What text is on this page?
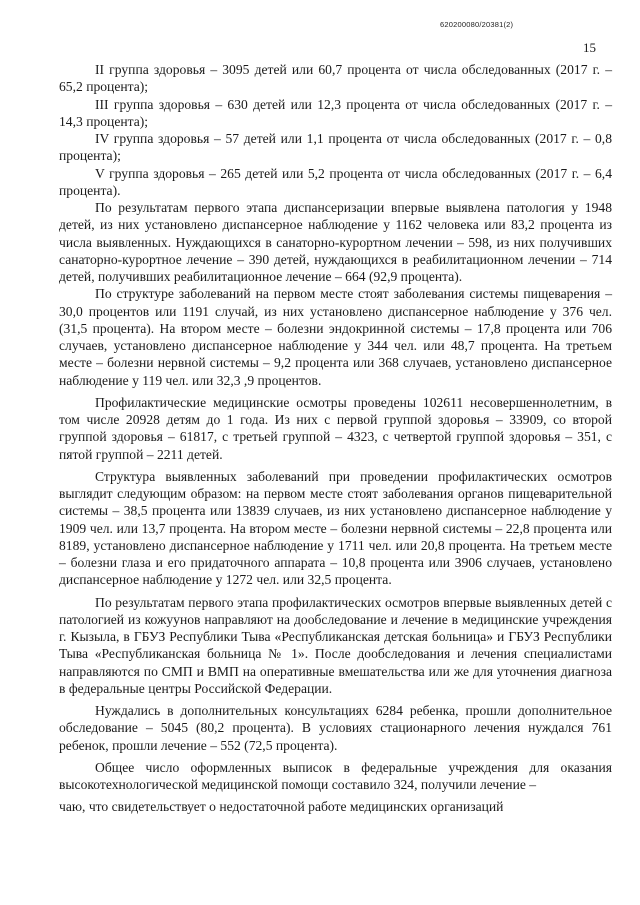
620200080/20381(2)
15

II группа здоровья – 3095 детей или 60,7 процента от числа обследованных (2017 г. – 65,2 процента);

III группа здоровья – 630 детей или 12,3 процента от числа обследованных (2017 г. – 14,3 процента);

IV группа здоровья – 57 детей или 1,1 процента от числа обследованных (2017 г. – 0,8 процента);

V группа здоровья – 265 детей или 5,2 процента от числа обследованных (2017 г. – 6,4 процента).

По результатам первого этапа диспансеризации впервые выявлена патология у 1948 детей, из них установлено диспансерное наблюдение у 1162 человека или 83,2 процента из числа выявленных. Нуждающихся в санаторно-курортном лечении – 598, из них получивших санаторно-курортное лечение – 390 детей, нуждающихся в реабилитационном лечении – 714 детей, получивших реабилитационное лечение – 664 (92,9 процента).

По структуре заболеваний на первом месте стоят заболевания системы пищеварения – 30,0 процентов или 1191 случай, из них установлено диспансерное наблюдение у 376 чел. (31,5 процента). На втором месте – болезни эндокринной системы – 17,8 процента или 706 случаев, установлено диспансерное наблюдение у 344 чел. или 48,7 процента. На третьем месте – болезни нервной системы – 9,2 процента или 368 случаев, установлено диспансерное наблюдение у 119 чел. или 32,3 ,9 процентов.

Профилактические медицинские осмотры проведены 102611 несовершеннолетним, в том числе 20928 детям до 1 года. Из них с первой группой здоровья – 33909, со второй группой здоровья – 61817, с третьей группой – 4323, с четвертой группой здоровья – 351, с пятой группой – 2211 детей.

Структура выявленных заболеваний при проведении профилактических осмотров выглядит следующим образом: на первом месте стоят заболевания органов пищеварительной системы – 38,5 процента или 13839 случаев, из них установлено диспансерное наблюдение у 1909 чел. или 13,7 процента. На втором месте – болезни нервной системы – 22,8 процента или 8189, установлено диспансерное наблюдение у 1711 чел. или 20,8 процента. На третьем месте – болезни глаза и его придаточного аппарата – 10,8 процента или 3906 случаев, установлено диспансерное наблюдение у 1272 чел. или 32,5 процента.

По результатам первого этапа профилактических осмотров впервые выявленных детей с патологией из кожуунов направляют на дообследование и лечение в медицинские учреждения г. Кызыла, в ГБУЗ Республики Тыва «Республиканская детская больница» и ГБУЗ Республики Тыва «Республиканская больница № 1». После дообследования и лечения специалистами направляются по СМП и ВМП на оперативные вмешательства или же для уточнения диагноза в федеральные центры Российской Федерации.

Нуждались в дополнительных консультациях 6284 ребенка, прошли дополнительное обследование – 5045 (80,2 процента). В условиях стационарного лечения нуждался 761 ребенок, прошли лечение – 552 (72,5 процента).

Общее число оформленных выписок в федеральные учреждения для оказания высокотехнологической медицинской помощи составило 324, получили лечение –

чаю, что свидетельствует о недостаточной работе медицинских организаций
